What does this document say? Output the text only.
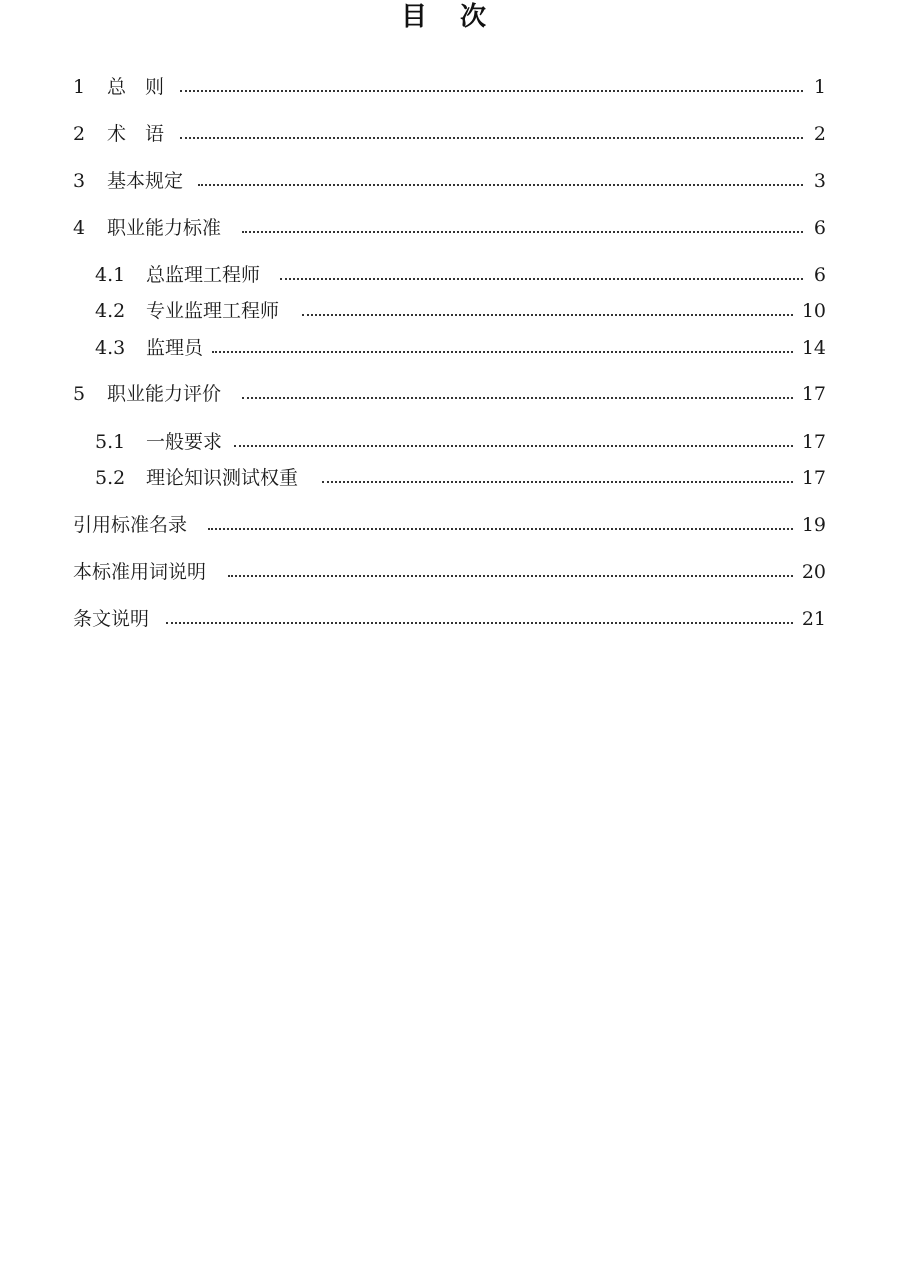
目 次
1 总　则	1
2 术　语	2
3 基本规定	3
4 职业能力标准	6
4.1 总监理工程师	6
4.2 专业监理工程师	10
4.3 监理员	14
5 职业能力评价	17
5.1 一般要求	17
5.2 理论知识测试权重	17
引用标准名录	19
本标准用词说明	20
条文说明	21
